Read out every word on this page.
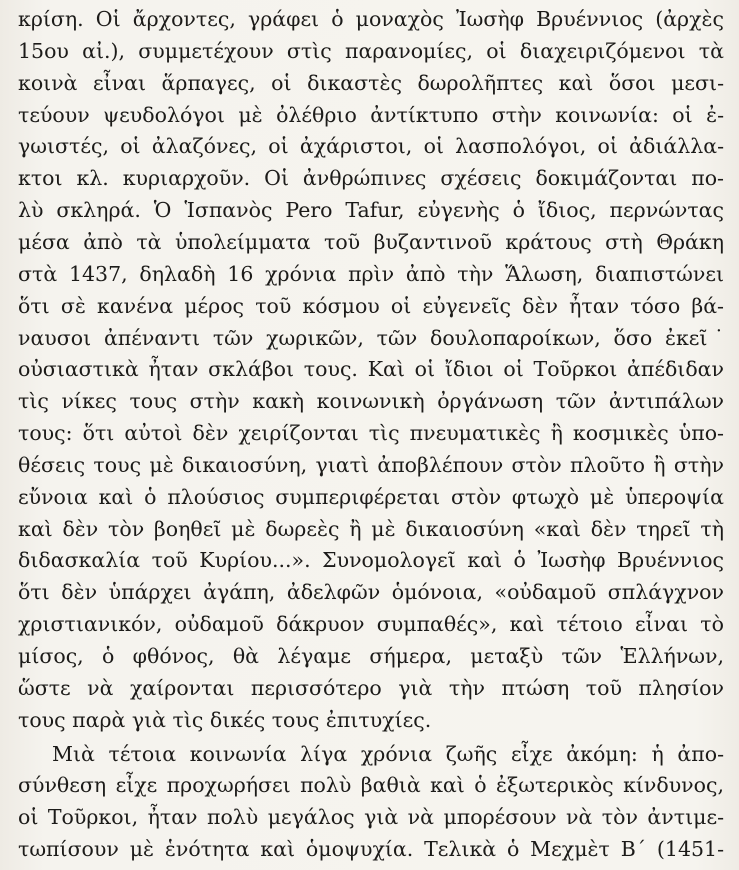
κρίση. Οἱ ἄρχοντες, γράφει ὁ μοναχὸς Ἰωσὴφ Βρυέννιος (ἀρχὲς
15ου αἰ.), συμμετέχουν στὶς παρανομίες, οἱ διαχειριζόμενοι τὰ
κοινὰ εἶναι ἅρπαγες, οἱ δικαστὲς δωρολῆπτες καὶ ὅσοι μεσι-
τεύουν ψευδολόγοι μὲ ὀλέθριο ἀντίκτυπο στὴν κοινωνία: οἱ ἐ-
γωιστές, οἱ ἀλαζόνες, οἱ ἀχάριστοι, οἱ λασπολόγοι, οἱ ἀδιάλλα-
κτοι κλ. κυριαρχοῦν. Οἱ ἀνθρώπινες σχέσεις δοκιμάζονται πο-
λὺ σκληρά. Ὁ Ἱσπανὸς Pero Tafur, εὐγενὴς ὁ ἴδιος, περνώντας
μέσα ἀπὸ τὰ ὑπολείμματα τοῦ βυζαντινοῦ κράτους στὴ Θράκη
στὰ 1437, δηλαδὴ 16 χρόνια πρὶν ἀπὸ τὴν Ἅλωση, διαπιστώνει
ὅτι σὲ κανένα μέρος τοῦ κόσμου οἱ εὐγενεῖς δὲν ἦταν τόσο βά-
ναυσοι ἀπέναντι τῶν χωρικῶν, τῶν δουλοπαροίκων, ὅσο ἐκεῖ˙
οὐσιαστικὰ ἦταν σκλάβοι τους. Καὶ οἱ ἴδιοι οἱ Τοῦρκοι ἀπέδιδαν
τὶς νίκες τους στὴν κακὴ κοινωνικὴ ὀργάνωση τῶν ἀντιπάλων
τους: ὅτι αὐτοὶ δὲν χειρίζονται τὶς πνευματικὲς ἢ κοσμικὲς ὑπο-
θέσεις τους μὲ δικαιοσύνη, γιατὶ ἀποβλέπουν στὸν πλοῦτο ἢ στὴν
εὔνοια καὶ ὁ πλούσιος συμπεριφέρεται στὸν φτωχὸ μὲ ὑπεροψία
καὶ δὲν τὸν βοηθεῖ μὲ δωρεὲς ἢ μὲ δικαιοσύνη «καὶ δὲν τηρεῖ τὴ
διδασκαλία τοῦ Κυρίου...». Συνομολογεῖ καὶ ὁ Ἰωσὴφ Βρυέννιος
ὅτι δὲν ὑπάρχει ἀγάπη, ἀδελφῶν ὁμόνοια, «οὐδαμοῦ σπλάγχνον
χριστιανικόν, οὐδαμοῦ δάκρυον συμπαθές», καὶ τέτοιο εἶναι τὸ
μίσος, ὁ φθόνος, θὰ λέγαμε σήμερα, μεταξὺ τῶν Ἑλλήνων,
ὥστε νὰ χαίρονται περισσότερο γιὰ τὴν πτώση τοῦ πλησίον
τους παρὰ γιὰ τὶς δικές τους ἐπιτυχίες.
Μιὰ τέτοια κοινωνία λίγα χρόνια ζωῆς εἶχε ἀκόμη: ἡ ἀπο-
σύνθεση εἶχε προχωρήσει πολὺ βαθιὰ καὶ ὁ ἐξωτερικὸς κίνδυνος,
οἱ Τοῦρκοι, ἦταν πολὺ μεγάλος γιὰ νὰ μπορέσουν νὰ τὸν ἀντιμε-
τωπίσουν μὲ ἑνότητα καὶ ὁμοψυχία. Τελικὰ ὁ Μεχμὲτ Β΄ (1451-
